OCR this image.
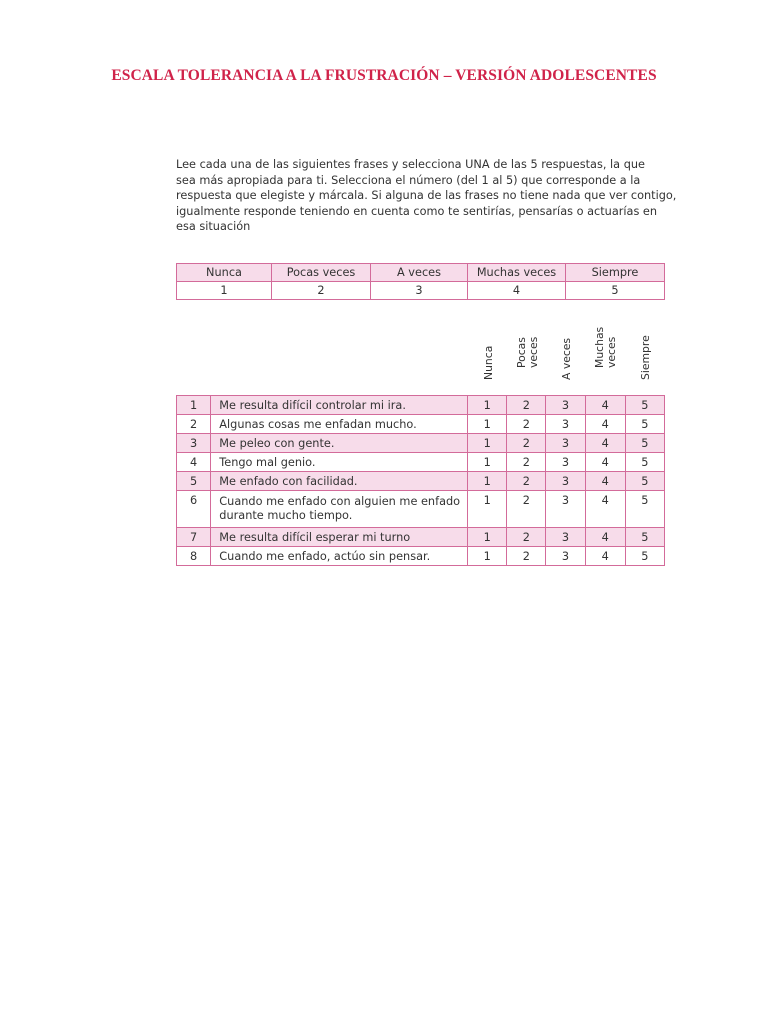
ESCALA TOLERANCIA A LA FRUSTRACIÓN – VERSIÓN ADOLESCENTES

Lee cada una de las siguientes frases y selecciona UNA de las 5 respuestas, la que

sea más apropiada para ti. Selecciona el número (del 1 al 5) que corresponde a la

respuesta que elegiste y márcala. Si alguna de las frases no tiene nada que ver contigo,

igualmente responde teniendo en cuenta como te sentirías, pensarías o actuarías en

esa situación

Nunca	Pocas veces	A veces	Muchas veces	Siempre
1	2	3	4	5
Nunca Pocas veces A veces Muchas veces Siempre
1	Me resulta difícil controlar mi ira.	1	2	3	4	5
2	Algunas cosas me enfadan mucho.	1	2	3	4	5
3	Me peleo con gente.	1	2	3	4	5
4	Tengo mal genio.	1	2	3	4	5
5	Me enfado con facilidad.	1	2	3	4	5
6	Cuando me enfado con alguien me enfado
durante mucho tiempo.	1	2	3	4	5
7	Me resulta difícil esperar mi turno	1	2	3	4	5
8	Cuando me enfado, actúo sin pensar.	1	2	3	4	5
